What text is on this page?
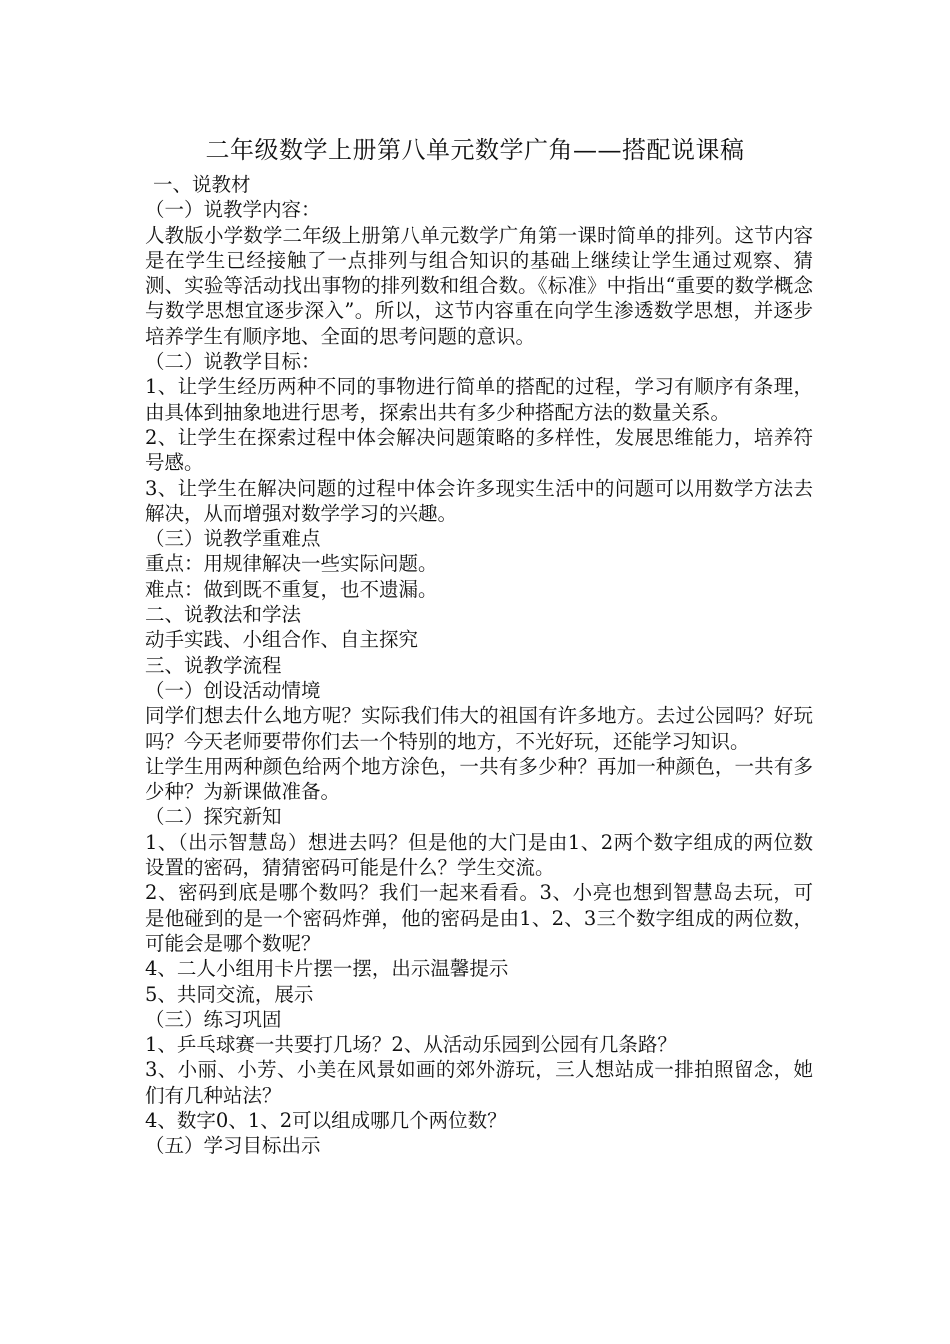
二年级数学上册第八单元数学广角——搭配说课稿

一、说教材

（一）说教学内容：

人教版小学数学二年级上册第八单元数学广角第一课时简单的排列。这节内容是在学生已经接触了一点排列与组合知识的基础上继续让学生通过观察、猜测、实验等活动找出事物的排列数和组合数。《标准》中指出“重要的数学概念与数学思想宜逐步深入”。所以，这节内容重在向学生渗透数学思想，并逐步培养学生有顺序地、全面的思考问题的意识。

（二）说教学目标：

1、让学生经历两种不同的事物进行简单的搭配的过程，学习有顺序有条理，由具体到抽象地进行思考，探索出共有多少种搭配方法的数量关系。

2、让学生在探索过程中体会解决问题策略的多样性，发展思维能力，培养符号感。

3、让学生在解决问题的过程中体会许多现实生活中的问题可以用数学方法去解决，从而增强对数学学习的兴趣。

（三）说教学重难点

重点：用规律解决一些实际问题。

难点：做到既不重复，也不遗漏。

二、说教法和学法

动手实践、小组合作、自主探究

三、说教学流程

（一）创设活动情境

同学们想去什么地方呢？实际我们伟大的祖国有许多地方。去过公园吗？好玩吗？今天老师要带你们去一个特别的地方，不光好玩，还能学习知识。

让学生用两种颜色给两个地方涂色，一共有多少种？再加一种颜色，一共有多少种？为新课做准备。

（二）探究新知

1、（出示智慧岛）想进去吗？但是他的大门是由1、2两个数字组成的两位数设置的密码，猜猜密码可能是什么？学生交流。

2、密码到底是哪个数吗？我们一起来看看。3、小亮也想到智慧岛去玩，可是他碰到的是一个密码炸弹，他的密码是由1、2、3三个数字组成的两位数，可能会是哪个数呢？

4、二人小组用卡片摆一摆，出示温馨提示

5、共同交流，展示

（三）练习巩固

1、乒乓球赛一共要打几场？2、从活动乐园到公园有几条路？

3、小丽、小芳、小美在风景如画的郊外游玩，三人想站成一排拍照留念，她们有几种站法？

4、数字0、1、2可以组成哪几个两位数？

（五）学习目标出示
